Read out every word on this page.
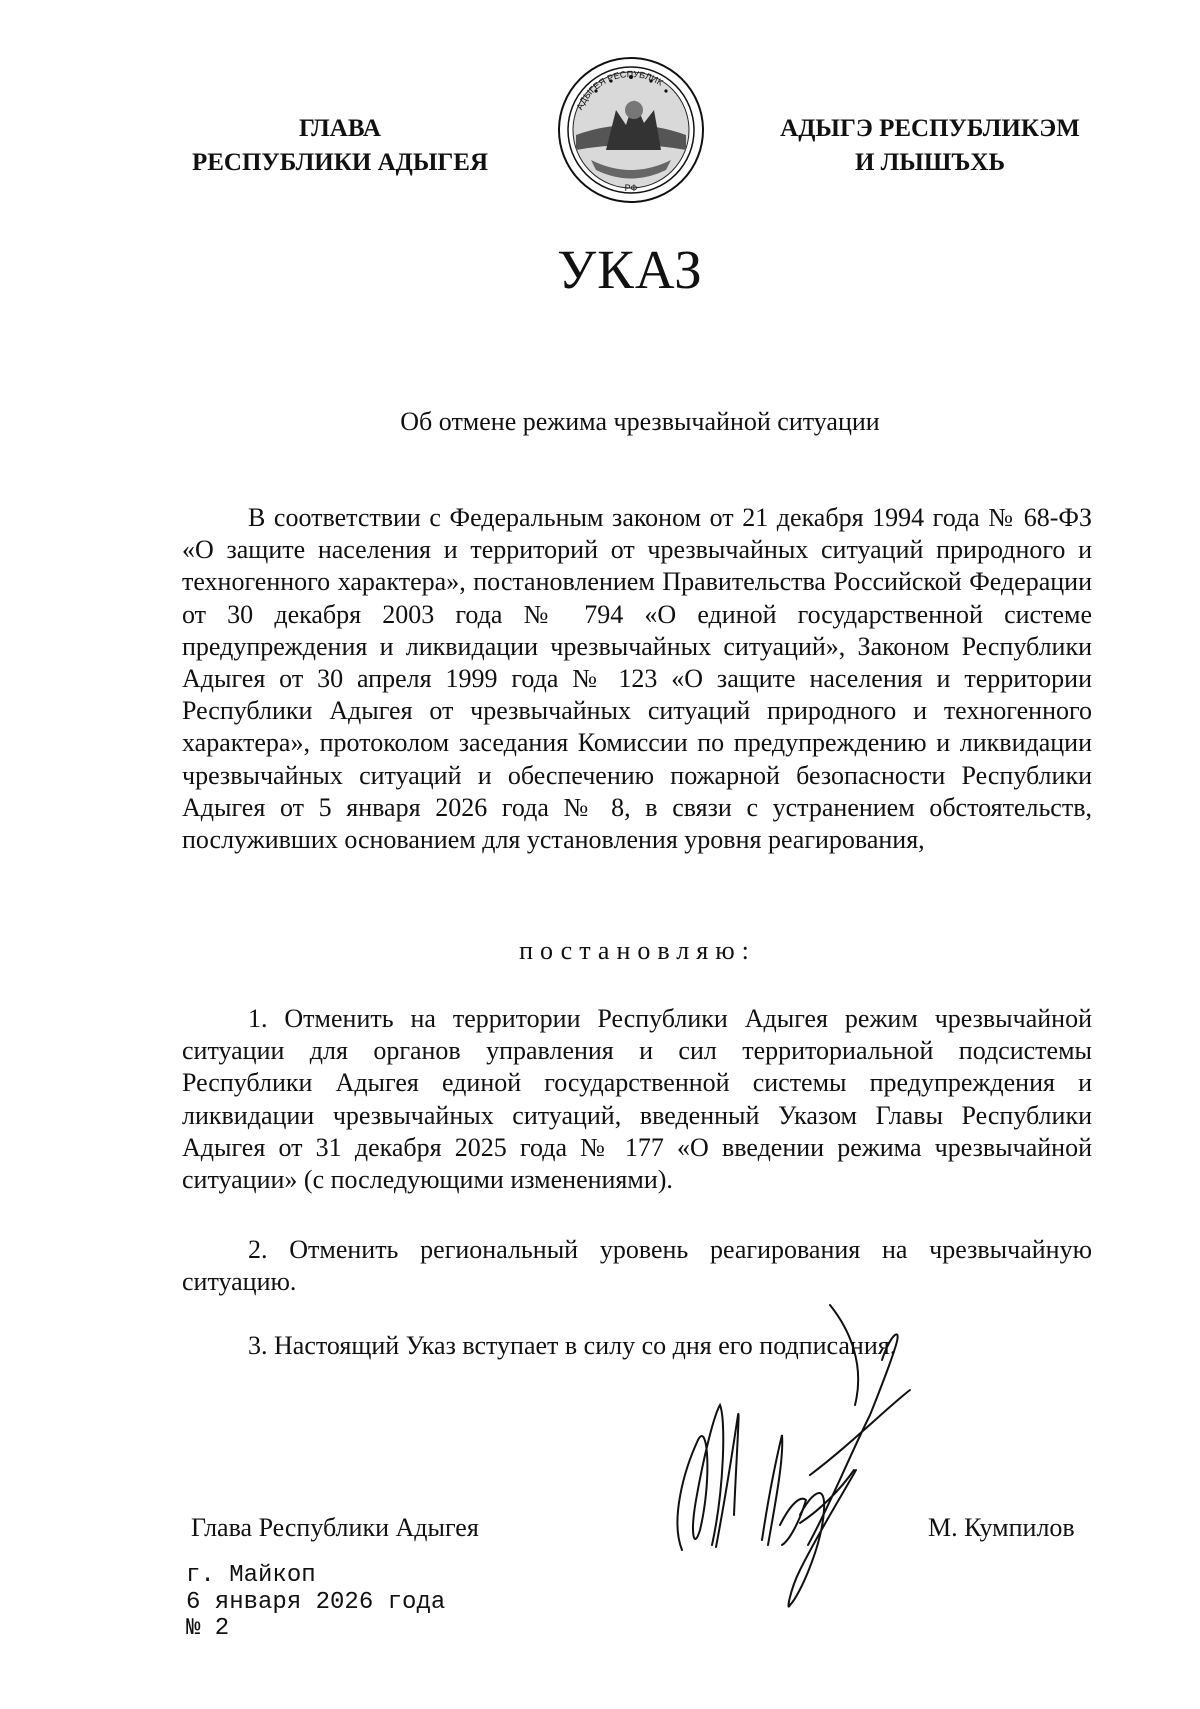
ГЛАВА
РЕСПУБЛИКИ АДЫГЕЯ
АДЫГЕЯ РЕСПУБЛИК
РФ
АДЫГЭ РЕСПУБЛИКЭМ
И ЛЫШЪХЬ
УКАЗ
Об отмене режима чрезвычайной ситуации

В соответствии с Федеральным законом от 21 декабря 1994 года № 68-ФЗ «О защите населения и территорий от чрезвычайных ситуаций природного и техногенного характера», постановлением Правительства Российской Федерации от 30 декабря 2003 года № 794 «О единой государственной системе предупреждения и ликвидации чрезвычайных ситуаций», Законом Республики Адыгея от 30 апреля 1999 года № 123 «О защите населения и территории Республики Адыгея от чрезвычайных ситуаций природного и техногенного характера», протоколом заседания Комиссии по предупреждению и ликвидации чрезвычайных ситуаций и обеспечению пожарной безопасности Республики Адыгея от 5 января 2026 года № 8, в связи с устранением обстоятельств, послуживших основанием для установления уровня реагирования,

постановляю:

1. Отменить на территории Республики Адыгея режим чрезвычайной ситуации для органов управления и сил территориальной подсистемы Республики Адыгея единой государственной системы предупреждения и ликвидации чрезвычайных ситуаций, введенный Указом Главы Республики Адыгея от 31 декабря 2025 года № 177 «О введении режима чрезвычайной ситуации» (с последующими изменениями).

2. Отменить региональный уровень реагирования на чрезвычайную ситуацию.

3. Настоящий Указ вступает в силу со дня его подписания.

Глава Республики Адыгея	М. Кумпилов
г. Майкоп
6 января 2026 года
№ 2
